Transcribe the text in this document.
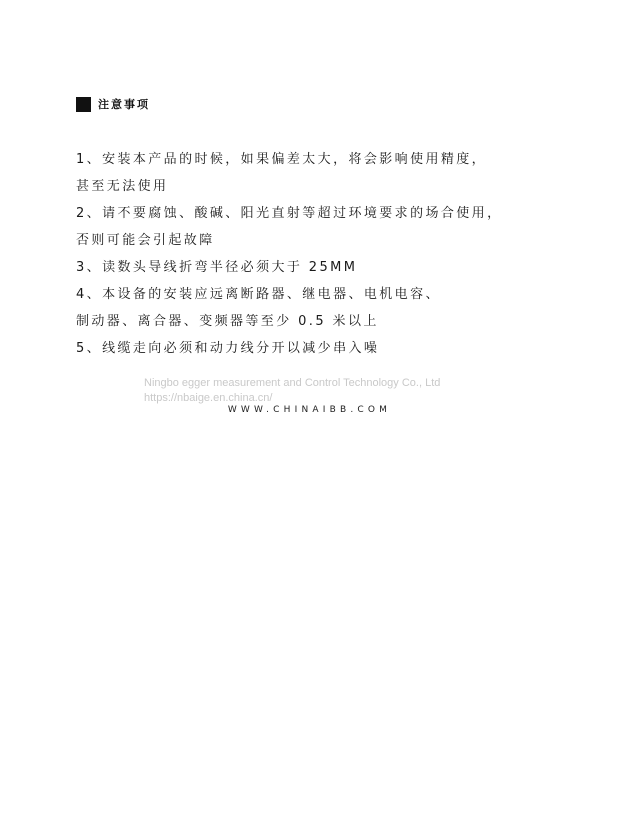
注意事项
1、安装本产品的时候，如果偏差太大，将会影响使用精度，
甚至无法使用
2、请不要腐蚀、酸碱、阳光直射等超过环境要求的场合使用，
否则可能会引起故障
3、读数头导线折弯半径必须大于 25MM
4、本设备的安装应远离断路器、继电器、电机电容、
制动器、离合器、变频器等至少 0.5 米以上
5、线缆走向必须和动力线分开以减少串入噪
Ningbo egger measurement and Control Technology Co., Ltd
https://nbaige.en.china.cn/
WWW.CHINAIBB.COM
